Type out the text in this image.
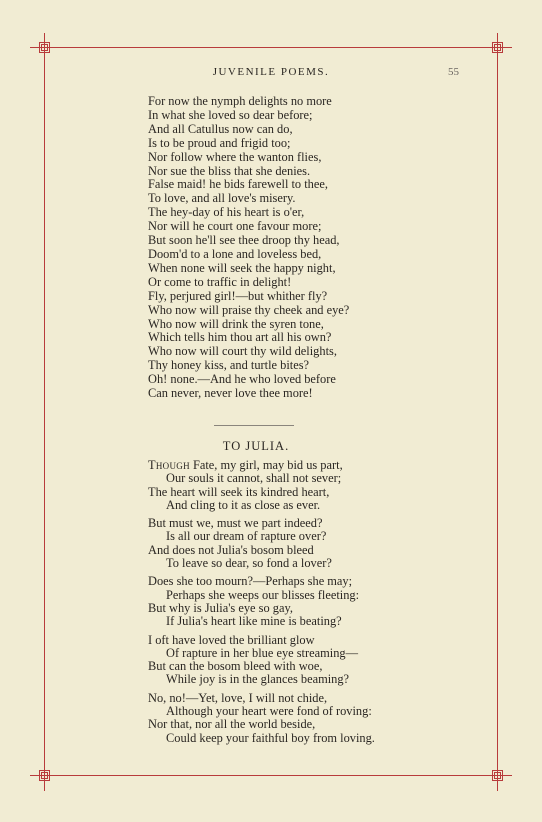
JUVENILE POEMS.	55
For now the nymph delights no more
In what she loved so dear before;
And all Catullus now can do,
Is to be proud and frigid too;
Nor follow where the wanton flies,
Nor sue the bliss that she denies.
False maid! he bids farewell to thee,
To love, and all love's misery.
The hey-day of his heart is o'er,
Nor will he court one favour more;
But soon he'll see thee droop thy head,
Doom'd to a lone and loveless bed,
When none will seek the happy night,
Or come to traffic in delight!
Fly, perjured girl!—but whither fly?
Who now will praise thy cheek and eye?
Who now will drink the syren tone,
Which tells him thou art all his own?
Who now will court thy wild delights,
Thy honey kiss, and turtle bites?
Oh! none.—And he who loved before
Can never, never love thee more!
TO JULIA.
Though Fate, my girl, may bid us part,
Our souls it cannot, shall not sever;
The heart will seek its kindred heart,
And cling to it as close as ever.
But must we, must we part indeed?
Is all our dream of rapture over?
And does not Julia's bosom bleed
To leave so dear, so fond a lover?
Does she too mourn?—Perhaps she may;
Perhaps she weeps our blisses fleeting:
But why is Julia's eye so gay,
If Julia's heart like mine is beating?
I oft have loved the brilliant glow
Of rapture in her blue eye streaming—
But can the bosom bleed with woe,
While joy is in the glances beaming?
No, no!—Yet, love, I will not chide,
Although your heart were fond of roving:
Nor that, nor all the world beside,
Could keep your faithful boy from loving.
